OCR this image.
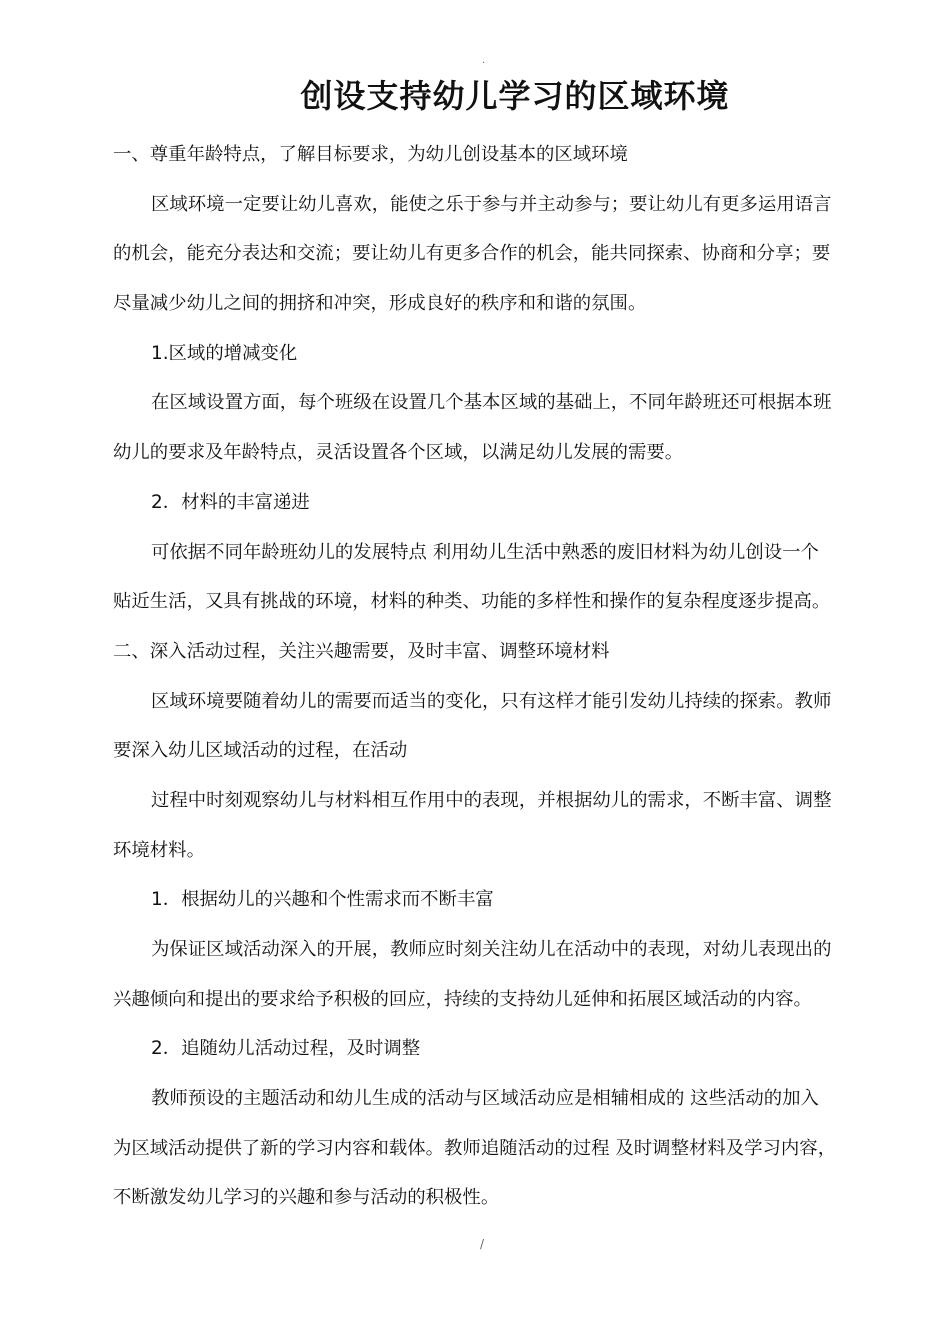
.
创设支持幼儿学习的区域环境

一、尊重年龄特点，了解目标要求，为幼儿创设基本的区域环境

区域环境一定要让幼儿喜欢，能使之乐于参与并主动参与；要让幼儿有更多运用语言

的机会，能充分表达和交流；要让幼儿有更多合作的机会，能共同探索、协商和分享；要

尽量减少幼儿之间的拥挤和冲突，形成良好的秩序和和谐的氛围。

1.区域的增减变化

在区域设置方面，每个班级在设置几个基本区域的基础上，不同年龄班还可根据本班

幼儿的要求及年龄特点，灵活设置各个区域，以满足幼儿发展的需要。

2．材料的丰富递进

可依据不同年龄班幼儿的发展特点 利用幼儿生活中熟悉的废旧材料为幼儿创设一个

贴近生活，又具有挑战的环境，材料的种类、功能的多样性和操作的复杂程度逐步提高。

二、深入活动过程，关注兴趣需要，及时丰富、调整环境材料

区域环境要随着幼儿的需要而适当的变化，只有这样才能引发幼儿持续的探索。教师

要深入幼儿区域活动的过程，在活动

过程中时刻观察幼儿与材料相互作用中的表现，并根据幼儿的需求，不断丰富、调整

环境材料。

1．根据幼儿的兴趣和个性需求而不断丰富

为保证区域活动深入的开展，教师应时刻关注幼儿在活动中的表现，对幼儿表现出的

兴趣倾向和提出的要求给予积极的回应，持续的支持幼儿延伸和拓展区域活动的内容。

2．追随幼儿活动过程，及时调整

教师预设的主题活动和幼儿生成的活动与区域活动应是相辅相成的 这些活动的加入

为区域活动提供了新的学习内容和载体。教师追随活动的过程 及时调整材料及学习内容，

不断激发幼儿学习的兴趣和参与活动的积极性。

/
